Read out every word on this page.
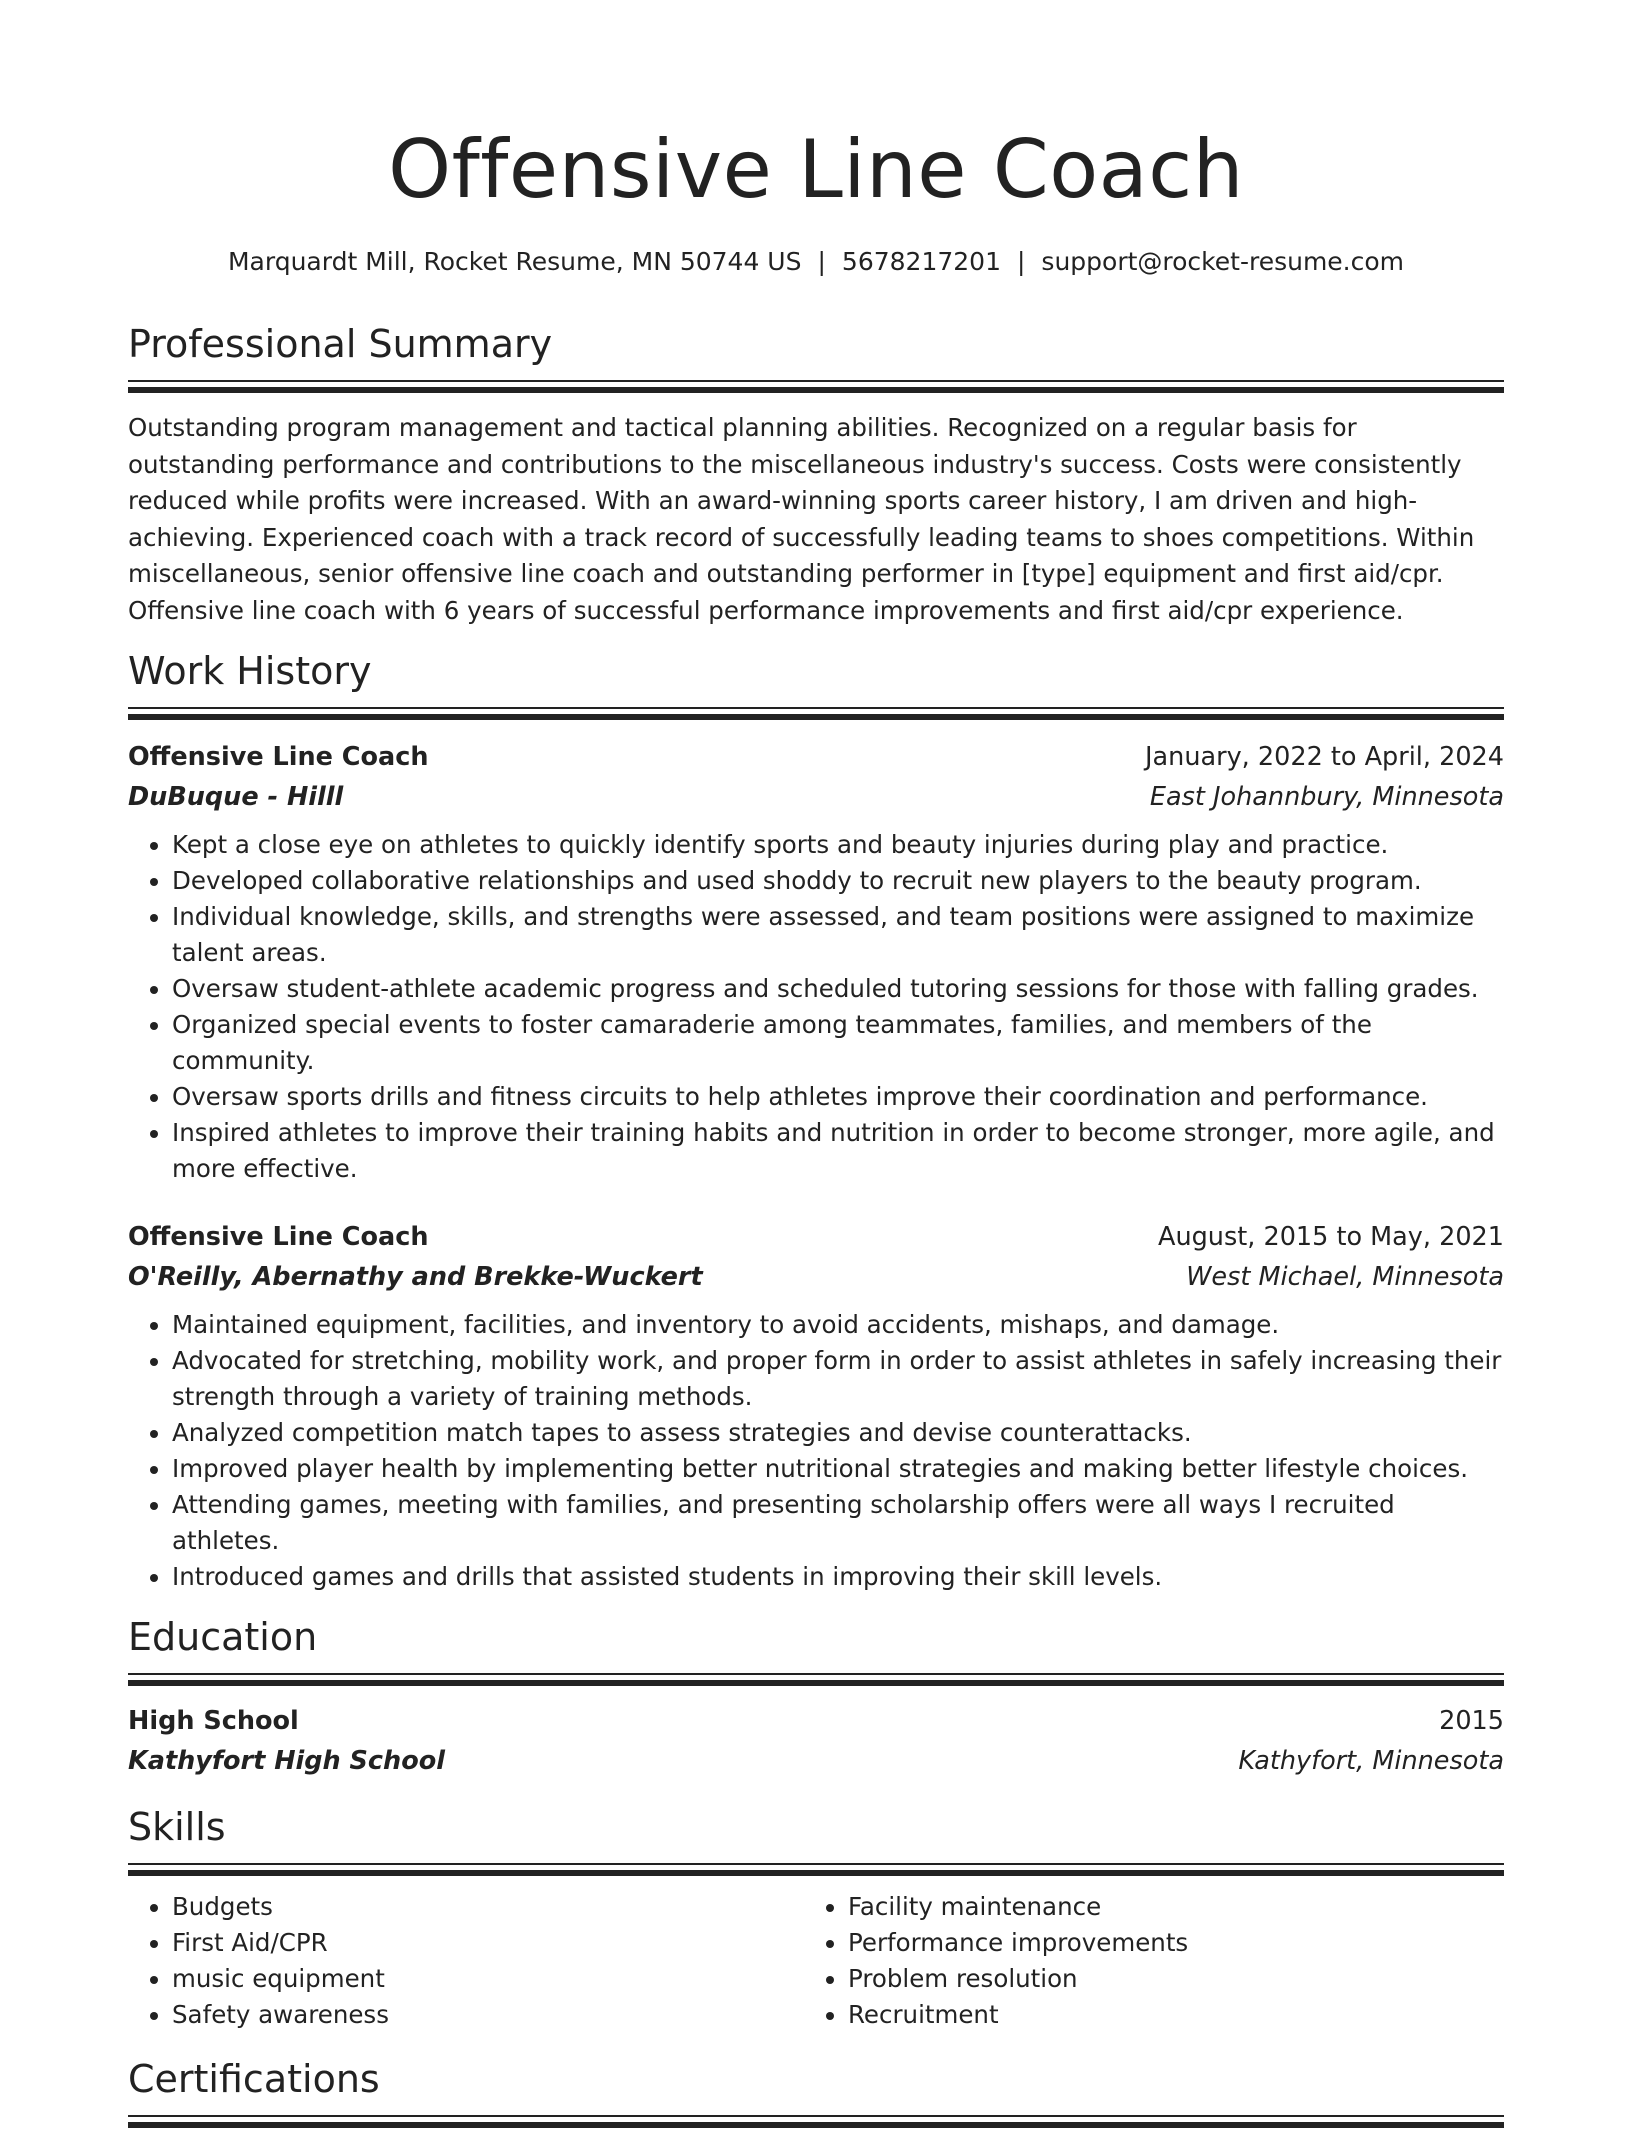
Offensive Line Coach
Marquardt Mill, Rocket Resume, MN 50744 US | 5678217201 | support@rocket-resume.com
Professional Summary

Outstanding program management and tactical planning abilities. Recognized on a regular basis for outstanding performance and contributions to the miscellaneous industry's success. Costs were consistently reduced while profits were increased. With an award-winning sports career history, I am driven and high-achieving. Experienced coach with a track record of successfully leading teams to shoes competitions. Within miscellaneous, senior offensive line coach and outstanding performer in [type] equipment and first aid/cpr. Offensive line coach with 6 years of successful performance improvements and first aid/cpr experience.

Work History
Offensive Line Coach	January, 2022 to April, 2024
DuBuque - Hilll	East Johannbury, Minnesota
• Kept a close eye on athletes to quickly identify sports and beauty injuries during play and practice.
• Developed collaborative relationships and used shoddy to recruit new players to the beauty program.
• Individual knowledge, skills, and strengths were assessed, and team positions were assigned to maximize talent areas.
• Oversaw student-athlete academic progress and scheduled tutoring sessions for those with falling grades.
• Organized special events to foster camaraderie among teammates, families, and members of the community.
• Oversaw sports drills and fitness circuits to help athletes improve their coordination and performance.
• Inspired athletes to improve their training habits and nutrition in order to become stronger, more agile, and more effective.
Offensive Line Coach	August, 2015 to May, 2021
O'Reilly, Abernathy and Brekke-Wuckert	West Michael, Minnesota
• Maintained equipment, facilities, and inventory to avoid accidents, mishaps, and damage.
• Advocated for stretching, mobility work, and proper form in order to assist athletes in safely increasing their strength through a variety of training methods.
• Analyzed competition match tapes to assess strategies and devise counterattacks.
• Improved player health by implementing better nutritional strategies and making better lifestyle choices.
• Attending games, meeting with families, and presenting scholarship offers were all ways I recruited athletes.
• Introduced games and drills that assisted students in improving their skill levels.
Education
High School	2015
Kathyfort High School	Kathyfort, Minnesota
Skills
• Budgets
• First Aid/CPR
• music equipment
• Safety awareness
• Facility maintenance
• Performance improvements
• Problem resolution
• Recruitment
Certifications
